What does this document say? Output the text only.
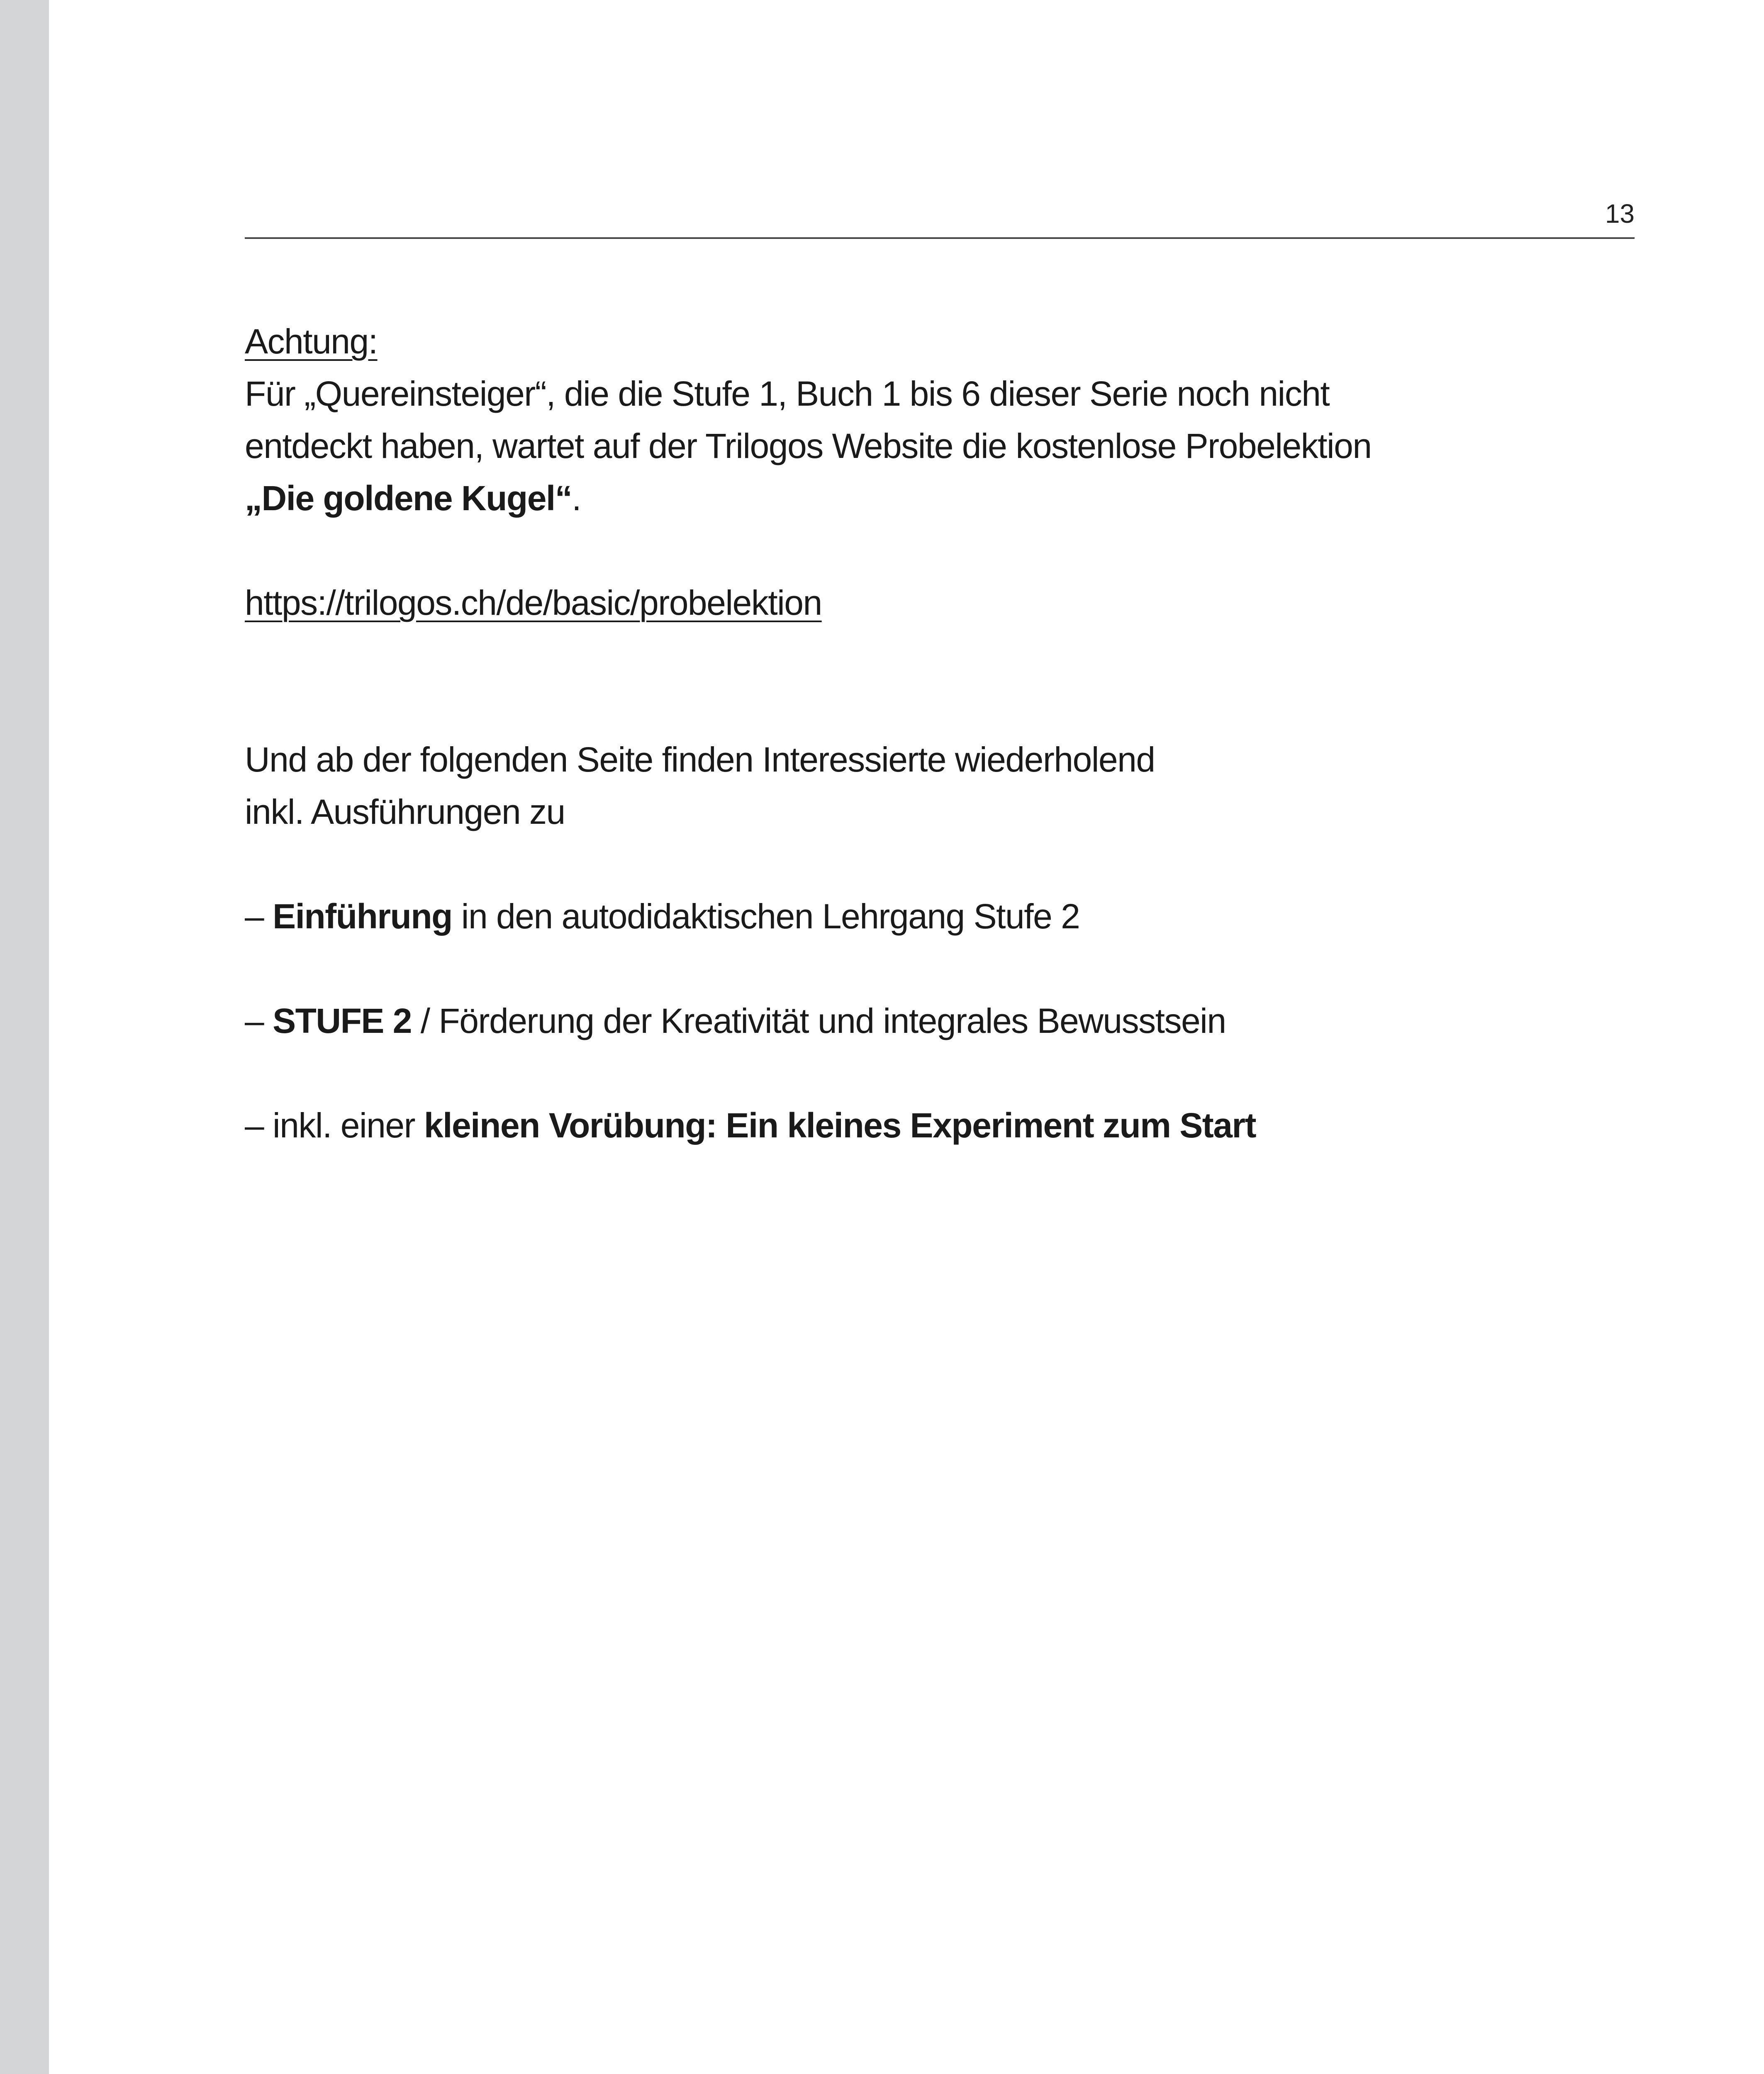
13

Achtung:

Für „Quereinsteiger“, die die Stufe 1, Buch 1 bis 6 dieser Serie noch nicht

entdeckt haben, wartet auf der Trilogos Website die kostenlose Probelektion

„Die goldene Kugel“.

https://trilogos.ch/de/basic/probelektion

Und ab der folgenden Seite finden Interessierte wiederholend

inkl. Ausführungen zu

– Einführung in den autodidaktischen Lehrgang Stufe 2

– STUFE 2 / Förderung der Kreativität und integrales Bewusstsein

– inkl. einer kleinen Vorübung: Ein kleines Experiment zum Start
